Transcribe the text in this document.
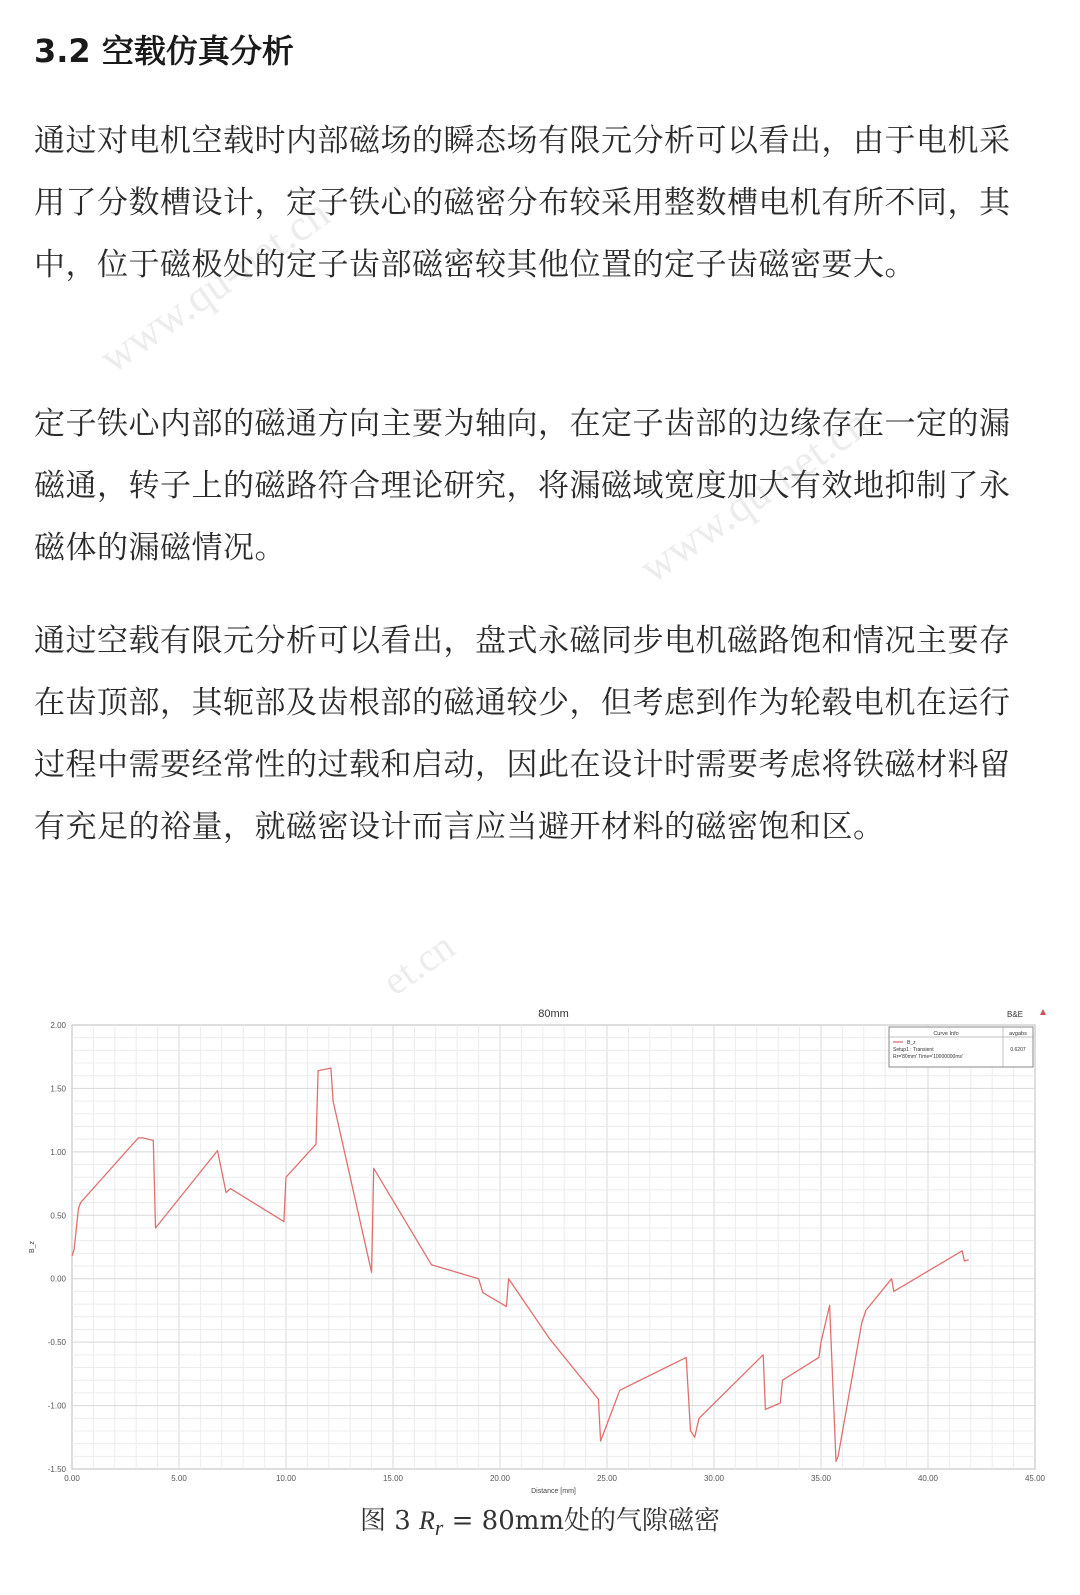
3.2 空载仿真分析

通过对电机空载时内部磁场的瞬态场有限元分析可以看出，由于电机采用了分数槽设计，定子铁心的磁密分布较采用整数槽电机有所不同，其中，位于磁极处的定子齿部磁密较其他位置的定子齿磁密要大。

定子铁心内部的磁通方向主要为轴向，在定子齿部的边缘存在一定的漏磁通，转子上的磁路符合理论研究，将漏磁域宽度加大有效地抑制了永磁体的漏磁情况。

通过空载有限元分析可以看出，盘式永磁同步电机磁路饱和情况主要存在齿顶部，其轭部及齿根部的磁通较少，但考虑到作为轮毂电机在运行过程中需要经常性的过载和启动，因此在设计时需要考虑将铁磁材料留有充足的裕量，就磁密设计而言应当避开材料的磁密饱和区。

www.qu-net.cn
www.qu-net.cn
et.cn
0.00	5.00	10.00	15.00	20.00	25.00	30.00	35.00	40.00	45.00
2.00
1.50
1.00
0.50
0.00
-0.50
-1.00
-1.50
80mm	B&E
Distance [mm]
B_z
Curve Info	avgabs
B_z
Setup1 : Transient
Rr='80mm' Time='10000000ms'
0.6207
图 3 $R_r = 80mm$处的气隙磁密
